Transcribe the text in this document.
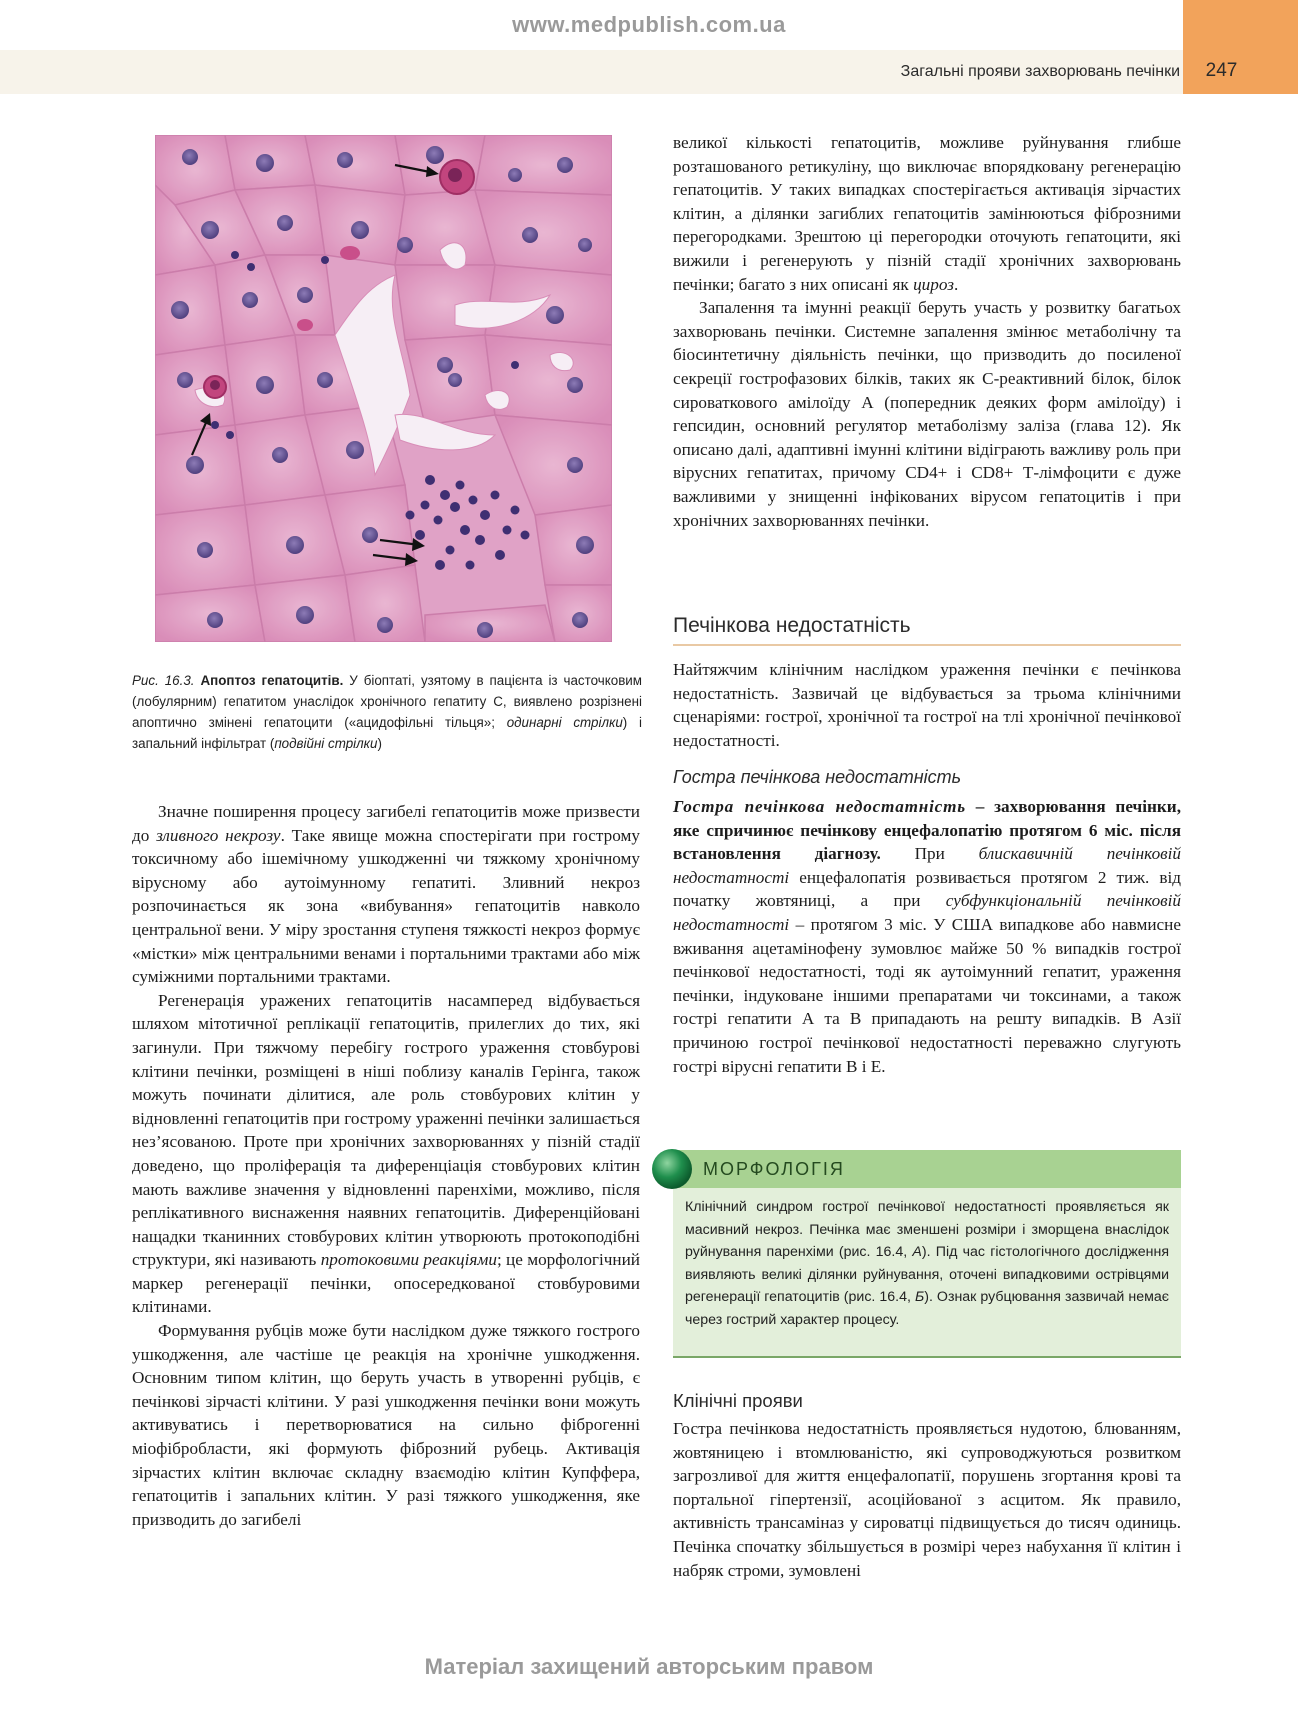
www.medpublish.com.ua
Загальні прояви захворювань печінки	247
Рис. 16.3. Апоптоз гепатоцитів. У біоптаті, узятому в пацієнта із часточковим (лобулярним) гепатитом унаслідок хронічного гепатиту С, виявлено розрізнені апоптично змінені гепатоцити («ацидофільні тільця»; одинарні стрілки) і запальний інфільтрат (подвійні стрілки)

Значне поширення процесу загибелі гепатоцитів може призвести до зливного некрозу. Таке явище можна спостерігати при гострому токсичному або ішемічному ушкодженні чи тяжкому хронічному вірусному або аутоімунному гепатиті. Зливний некроз розпочинається як зона «вибування» гепатоцитів навколо центральної вени. У міру зростання ступеня тяжкості некроз формує «містки» між центральними венами і портальними трактами або між суміжними портальними трактами.

Регенерація уражених гепатоцитів насамперед відбувається шляхом мітотичної реплікації гепатоцитів, прилеглих до тих, які загинули. При тяжчому перебігу гострого ураження стовбурові клітини печінки, розміщені в ніші поблизу каналів Герінга, також можуть починати ділитися, але роль стовбурових клітин у відновленні гепатоцитів при гострому ураженні печінки залишається нез’ясованою. Проте при хронічних захворюваннях у пізній стадії доведено, що проліферація та диференціація стовбурових клітин мають важливе значення у відновленні паренхіми, можливо, після реплікативного виснаження наявних гепатоцитів. Диференційовані нащадки тканинних стовбурових клітин утворюють протокоподібні структури, які називають протоковими реакціями; це морфологічний маркер регенерації печінки, опосередкованої стовбуровими клітинами.

Формування рубців може бути наслідком дуже тяжкого гострого ушкодження, але частіше це реакція на хронічне ушкодження. Основним типом клітин, що беруть участь в утворенні рубців, є печінкові зірчасті клітини. У разі ушкодження печінки вони можуть активуватись і перетворюватися на сильно фіброгенні міофібробласти, які формують фіброзний рубець. Активація зірчастих клітин включає складну взаємодію клітин Купффера, гепатоцитів і запальних клітин. У разі тяжкого ушкодження, яке призводить до загибелі

великої кількості гепатоцитів, можливе руйнування глибше розташованого ретикуліну, що виключає впорядковану регенерацію гепатоцитів. У таких випадках спостерігається активація зірчастих клітин, а ділянки загиблих гепатоцитів замінюються фіброзними перегородками. Зрештою ці перегородки оточують гепатоцити, які вижили і регенерують у пізній стадії хронічних захворювань печінки; багато з них описані як цироз.

Запалення та імунні реакції беруть участь у розвитку багатьох захворювань печінки. Системне запалення змінює метаболічну та біосинтетичну діяльність печінки, що призводить до посиленої секреції гострофазових білків, таких як С-реактивний білок, білок сироваткового амілоїду А (попередник деяких форм амілоїду) і гепсидин, основний регулятор метаболізму заліза (глава 12). Як описано далі, адаптивні імунні клітини відіграють важливу роль при вірусних гепатитах, причому CD4+ і CD8+ Т-лімфоцити є дуже важливими у знищенні інфікованих вірусом гепатоцитів і при хронічних захворюваннях печінки.

Печінкова недостатність

Найтяжчим клінічним наслідком ураження печінки є печінкова недостатність. Зазвичай це відбувається за трьома клінічними сценаріями: гострої, хронічної та гострої на тлі хронічної печінкової недостатності.

Гостра печінкова недостатність

Гостра печінкова недостатність – захворювання печінки, яке спричинює печінкову енцефалопатію протягом 6 міс. після встановлення діагнозу. При блискавичній печінковій недостатності енцефалопатія розвивається протягом 2 тиж. від початку жовтяниці, а при субфункціональній печінковій недостатності – протягом 3 міс. У США випадкове або навмисне вживання ацетамінофену зумовлює майже 50 % випадків гострої печінкової недостатності, тоді як аутоімунний гепатит, ураження печінки, індуковане іншими препаратами чи токсинами, а також гострі гепатити А та В припадають на решту випадків. В Азії причиною гострої печінкової недостатності переважно слугують гострі вірусні гепатити В і Е.

МОРФОЛОГІЯ
Клінічний синдром гострої печінкової недостатності проявляється як масивний некроз. Печінка має зменшені розміри і зморщена внаслідок руйнування паренхіми (рис. 16.4, А). Під час гістологічного дослідження виявляють великі ділянки руйнування, оточені випадковими острівцями регенерації гепатоцитів (рис. 16.4, Б). Ознак рубцювання зазвичай немає через гострий характер процесу.
Клінічні прояви

Гостра печінкова недостатність проявляється нудотою, блюванням, жовтяницею і втомлюваністю, які супроводжуються розвитком загрозливої для життя енцефалопатії, порушень згортання крові та портальної гіпертензії, асоційованої з асцитом. Як правило, активність трансаміназ у сироватці підвищується до тисяч одиниць. Печінка спочатку збільшується в розмірі через набухання її клітин і набряк строми, зумовлені

Матеріал захищений авторським правом
